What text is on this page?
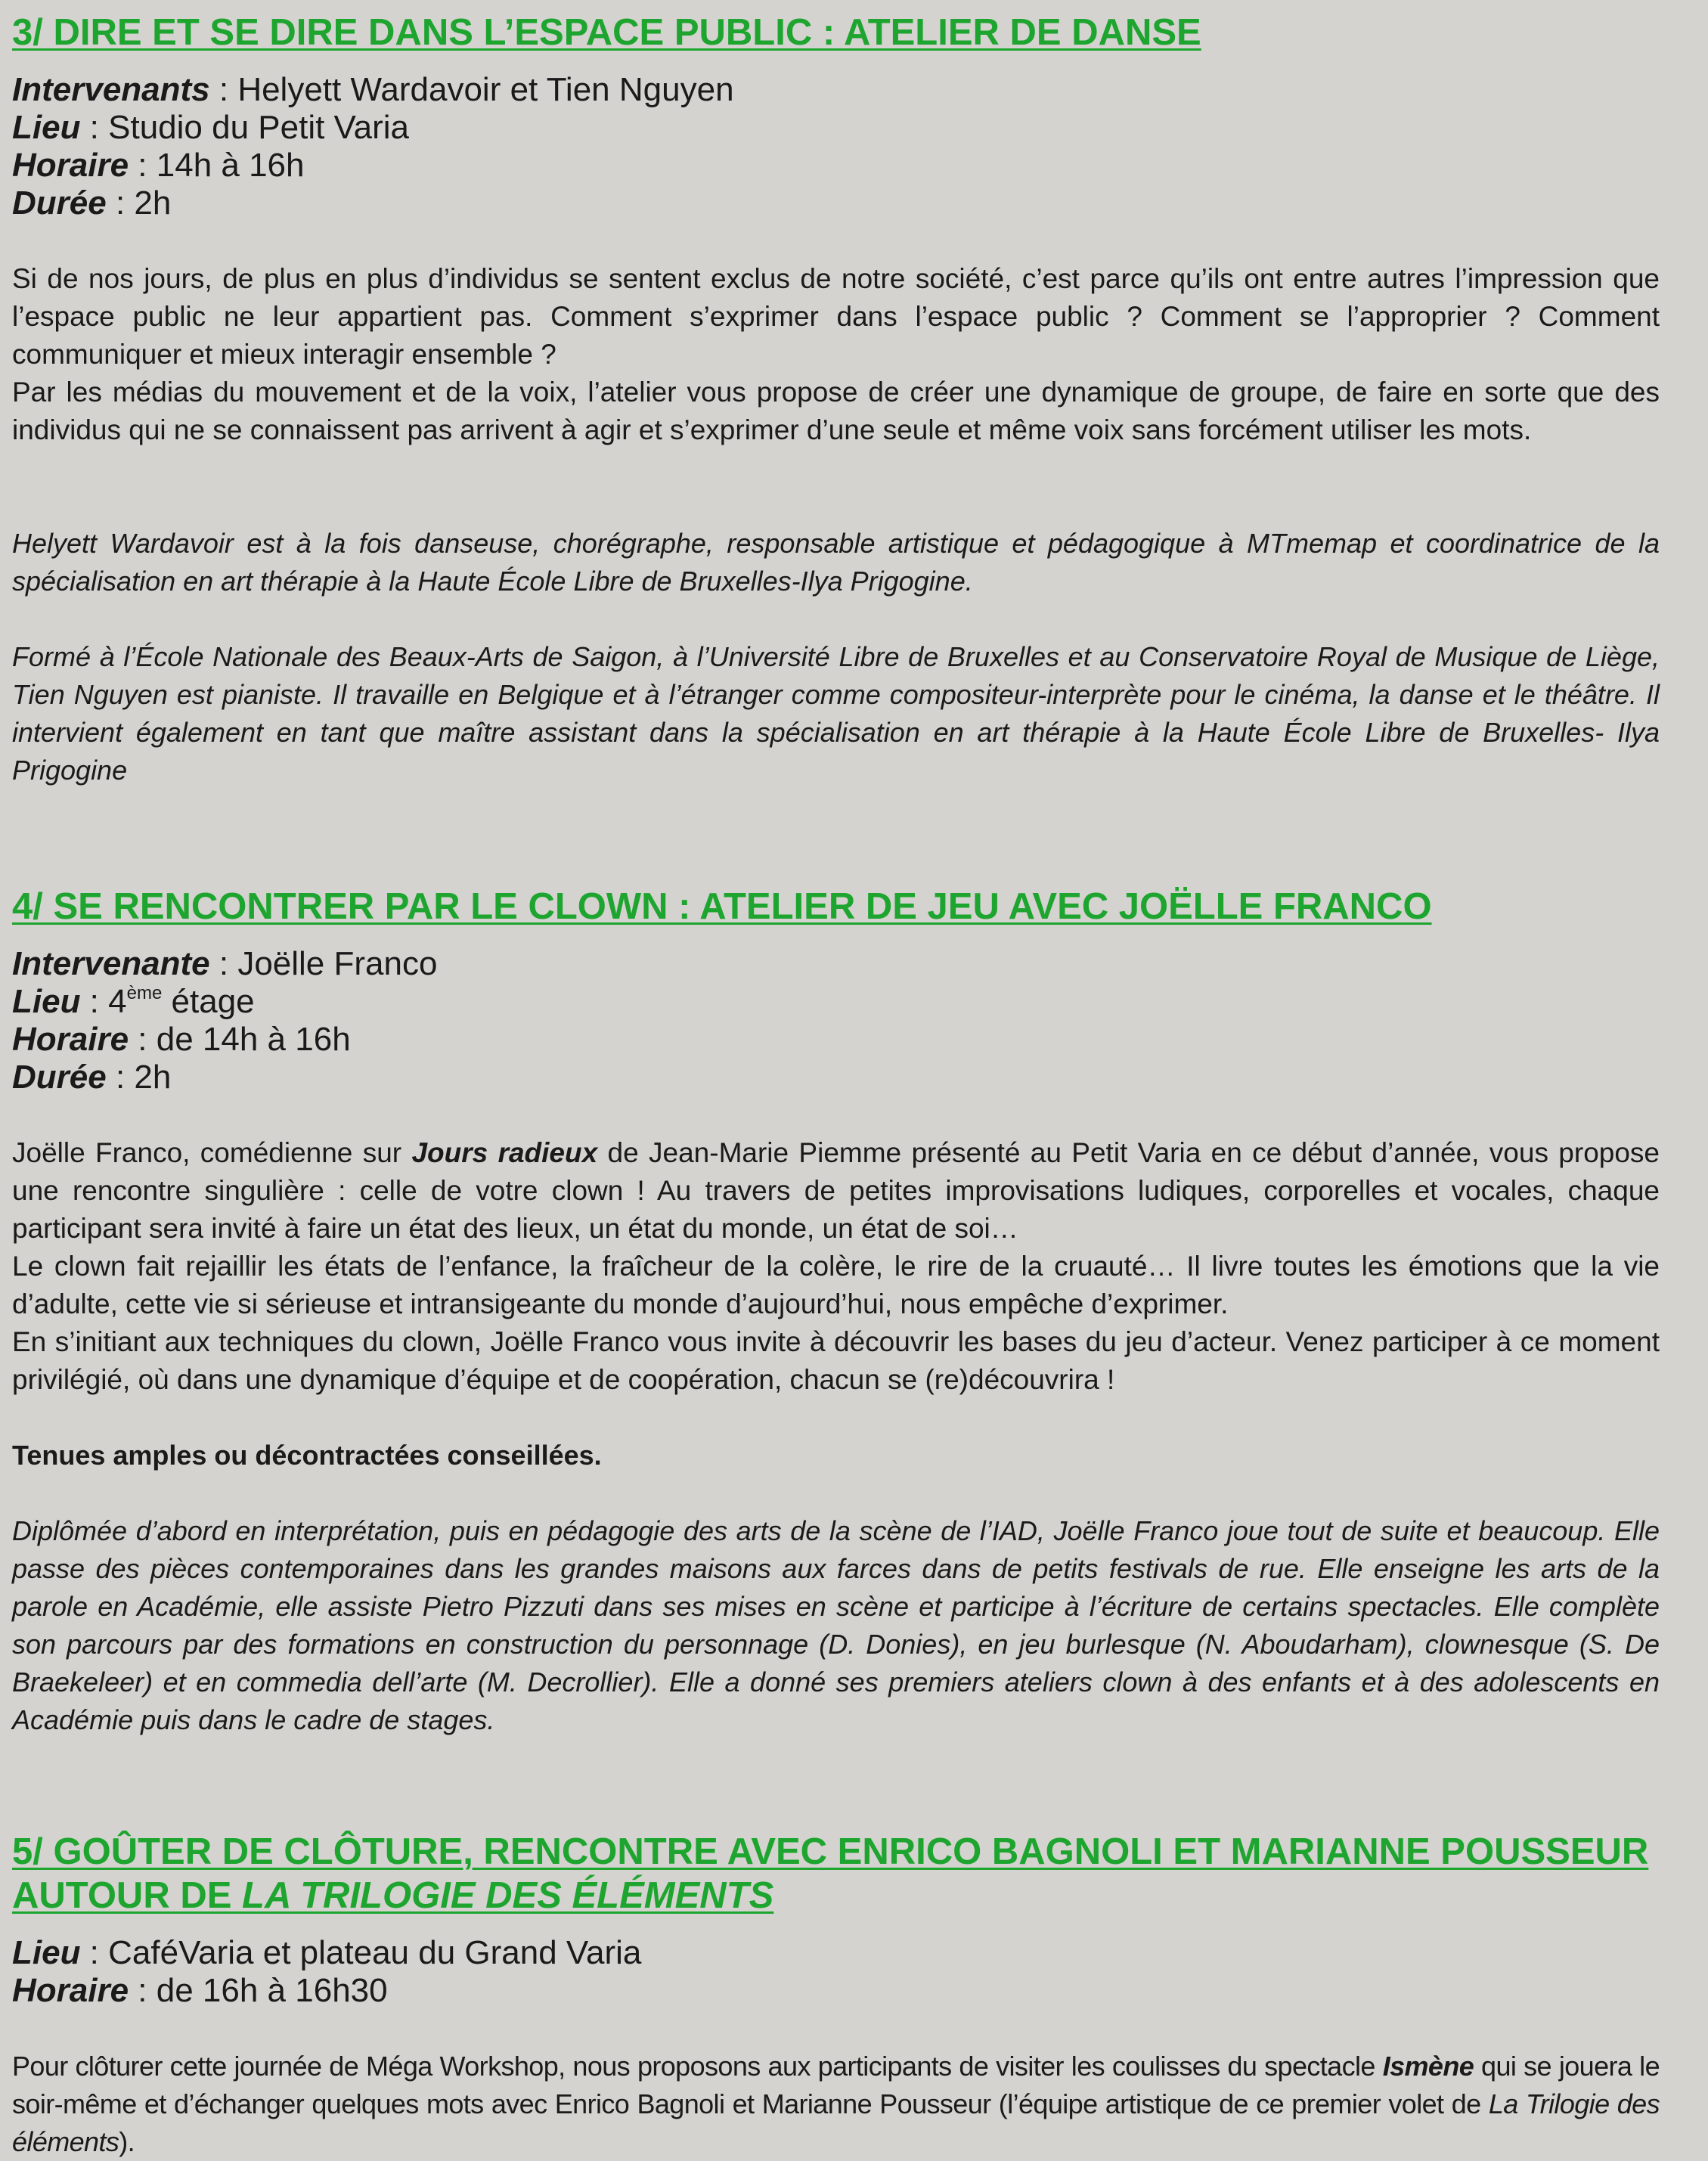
3/ DIRE ET SE DIRE DANS L’ESPACE PUBLIC : ATELIER DE DANSE
Intervenants : Helyett Wardavoir et Tien Nguyen
Lieu : Studio du Petit Varia
Horaire : 14h à 16h
Durée : 2h

Si de nos jours, de plus en plus d’individus se sentent exclus de notre société, c’est parce qu’ils ont entre autres l’impression que l’espace public ne leur appartient pas. Comment s’exprimer dans l’espace public ? Comment se l’approprier ? Comment communiquer et mieux interagir ensemble ?

Par les médias du mouvement et de la voix, l’atelier vous propose de créer une dynamique de groupe, de faire en sorte que des individus qui ne se connaissent pas arrivent à agir et s’exprimer d’une seule et même voix sans forcément utiliser les mots.

Helyett Wardavoir est à la fois danseuse, chorégraphe, responsable artistique et pédagogique à MTmemap et coordinatrice de la spécialisation en art thérapie à la Haute École Libre de Bruxelles-Ilya Prigogine.

Formé à l’École Nationale des Beaux-Arts de Saigon, à l’Université Libre de Bruxelles et au Conservatoire Royal de Musique de Liège, Tien Nguyen est pianiste. Il travaille en Belgique et à l’étranger comme compositeur-interprète pour le cinéma, la danse et le théâtre. Il intervient également en tant que maître assistant dans la spécialisation en art thérapie à la Haute École Libre de Bruxelles- Ilya Prigogine

4/ SE RENCONTRER PAR LE CLOWN : ATELIER DE JEU AVEC JOËLLE FRANCO
Intervenante : Joëlle Franco
Lieu : 4ème étage
Horaire : de 14h à 16h
Durée : 2h

Joëlle Franco, comédienne sur Jours radieux de Jean-Marie Piemme présenté au Petit Varia en ce début d’année, vous propose une rencontre singulière : celle de votre clown ! Au travers de petites improvisations ludiques, corporelles et vocales, chaque participant sera invité à faire un état des lieux, un état du monde, un état de soi…

Le clown fait rejaillir les états de l’enfance, la fraîcheur de la colère, le rire de la cruauté… Il livre toutes les émotions que la vie d’adulte, cette vie si sérieuse et intransigeante du monde d’aujourd’hui, nous empêche d’exprimer.

En s’initiant aux techniques du clown, Joëlle Franco vous invite à découvrir les bases du jeu d’acteur. Venez participer à ce moment privilégié, où dans une dynamique d’équipe et de coopération, chacun se (re)découvrira !

Tenues amples ou décontractées conseillées.

Diplômée d’abord en interprétation, puis en pédagogie des arts de la scène de l’IAD, Joëlle Franco joue tout de suite et beaucoup. Elle passe des pièces contemporaines dans les grandes maisons aux farces dans de petits festivals de rue. Elle enseigne les arts de la parole en Académie, elle assiste Pietro Pizzuti dans ses mises en scène et participe à l’écriture de certains spectacles. Elle complète son parcours par des formations en construction du personnage (D. Donies), en jeu burlesque (N. Aboudarham), clownesque (S. De Braekeleer) et en commedia dell’arte (M. Decrollier). Elle a donné ses premiers ateliers clown à des enfants et à des adolescents en Académie puis dans le cadre de stages.

5/ GOÛTER DE CLÔTURE, RENCONTRE AVEC ENRICO BAGNOLI ET MARIANNE POUSSEUR
AUTOUR DE LA TRILOGIE DES ÉLÉMENTS
Lieu : CaféVaria et plateau du Grand Varia
Horaire : de 16h à 16h30

Pour clôturer cette journée de Méga Workshop, nous proposons aux participants de visiter les coulisses du spectacle Ismène qui se jouera le soir-même et d’échanger quelques mots avec Enrico Bagnoli et Marianne Pousseur (l’équipe artistique de ce premier volet de La Trilogie des éléments).
